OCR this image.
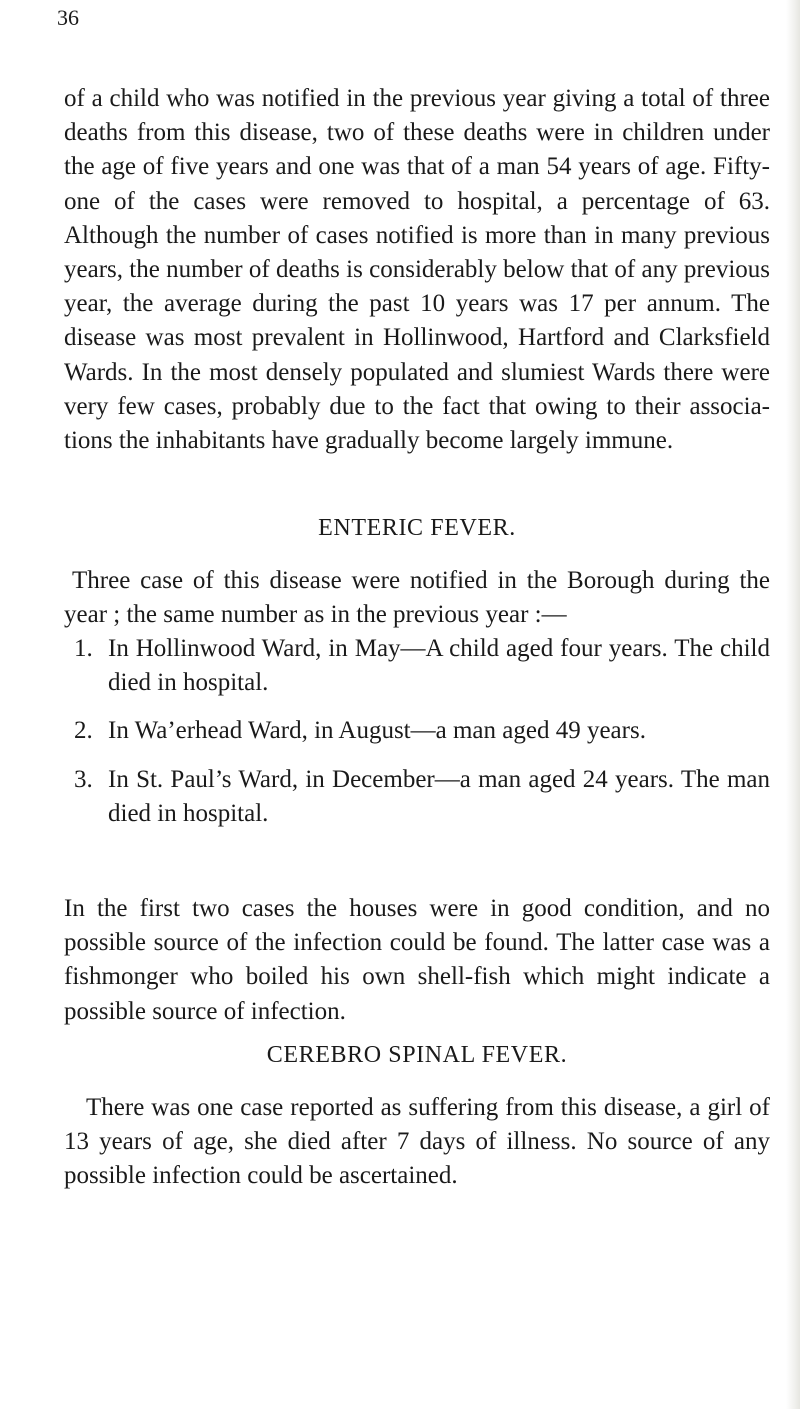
36

of a child who was notified in the previous year giving a total of three deaths from this disease, two of these deaths were in children under the age of five years and one was that of a man 54 years of age. Fifty-one of the cases were removed to hospital, a percentage of 63. Although the number of cases notified is more than in many previous years, the number of deaths is considerably below that of any previous year, the average during the past 10 years was 17 per annum. The disease was most prevalent in Hollinwood, Hartford and Clarksfield Wards. In the most densely populated and slumiest Wards there were very few cases, probably due to the fact that owing to their associa- tions the inhabitants have gradually become largely immune.

ENTERIC FEVER.

Three case of this disease were notified in the Borough during the year ; the same number as in the previous year :—

1. In Hollinwood Ward, in May—A child aged four years. The child died in hospital.
2. In Wa’erhead Ward, in August—a man aged 49 years.
3. In St. Paul’s Ward, in December—a man aged 24 years. The man died in hospital.

In the first two cases the houses were in good condition, and no possible source of the infection could be found. The latter case was a fishmonger who boiled his own shell-fish which might indicate a possible source of infection.

CEREBRO SPINAL FEVER.

There was one case reported as suffering from this disease, a girl of 13 years of age, she died after 7 days of illness. No source of any possible infection could be ascertained.
